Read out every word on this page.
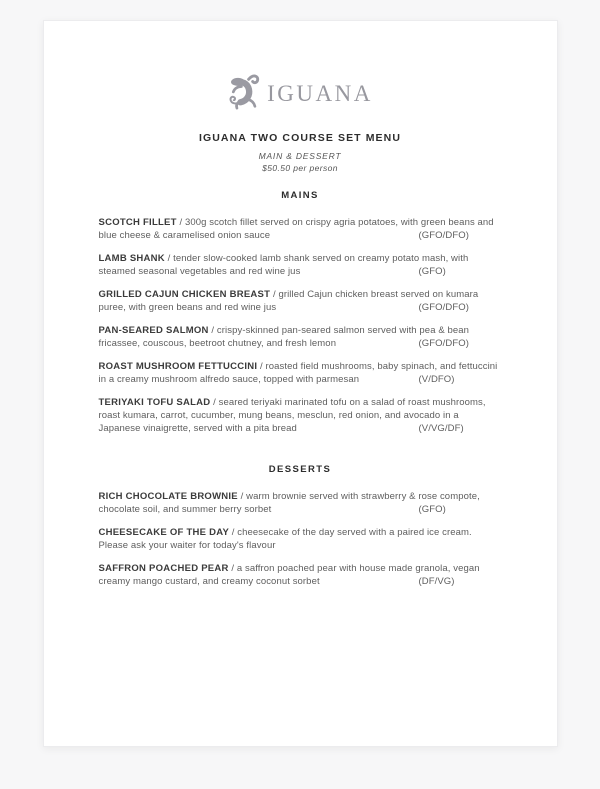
IGUANA
IGUANA TWO COURSE SET MENU
MAIN & DESSERT
$50.50 per person
MAINS

SCOTCH FILLET / 300g scotch fillet served on crispy agria potatoes, with green beans and blue cheese & caramelised onion sauce	(GFO/DFO)

LAMB SHANK / tender slow-cooked lamb shank served on creamy potato mash, with steamed seasonal vegetables and red wine jus	(GFO)

GRILLED CAJUN CHICKEN BREAST / grilled Cajun chicken breast served on kumara puree, with green beans and red wine jus	(GFO/DFO)

PAN-SEARED SALMON / crispy-skinned pan-seared salmon served with pea & bean fricassee, couscous, beetroot chutney, and fresh lemon	(GFO/DFO)

ROAST MUSHROOM FETTUCCINI / roasted field mushrooms, baby spinach, and fettuccini in a creamy mushroom alfredo sauce, topped with parmesan	(V/DFO)

TERIYAKI TOFU SALAD / seared teriyaki marinated tofu on a salad of roast mushrooms, roast kumara, carrot, cucumber, mung beans, mesclun, red onion, and avocado in a Japanese vinaigrette, served with a pita bread	(V/VG/DF)

DESSERTS

RICH CHOCOLATE BROWNIE / warm brownie served with strawberry & rose compote, chocolate soil, and summer berry sorbet	(GFO)

CHEESECAKE OF THE DAY / cheesecake of the day served with a paired ice cream. Please ask your waiter for today's flavour

SAFFRON POACHED PEAR / a saffron poached pear with house made granola, vegan creamy mango custard, and creamy coconut sorbet	(DF/VG)
